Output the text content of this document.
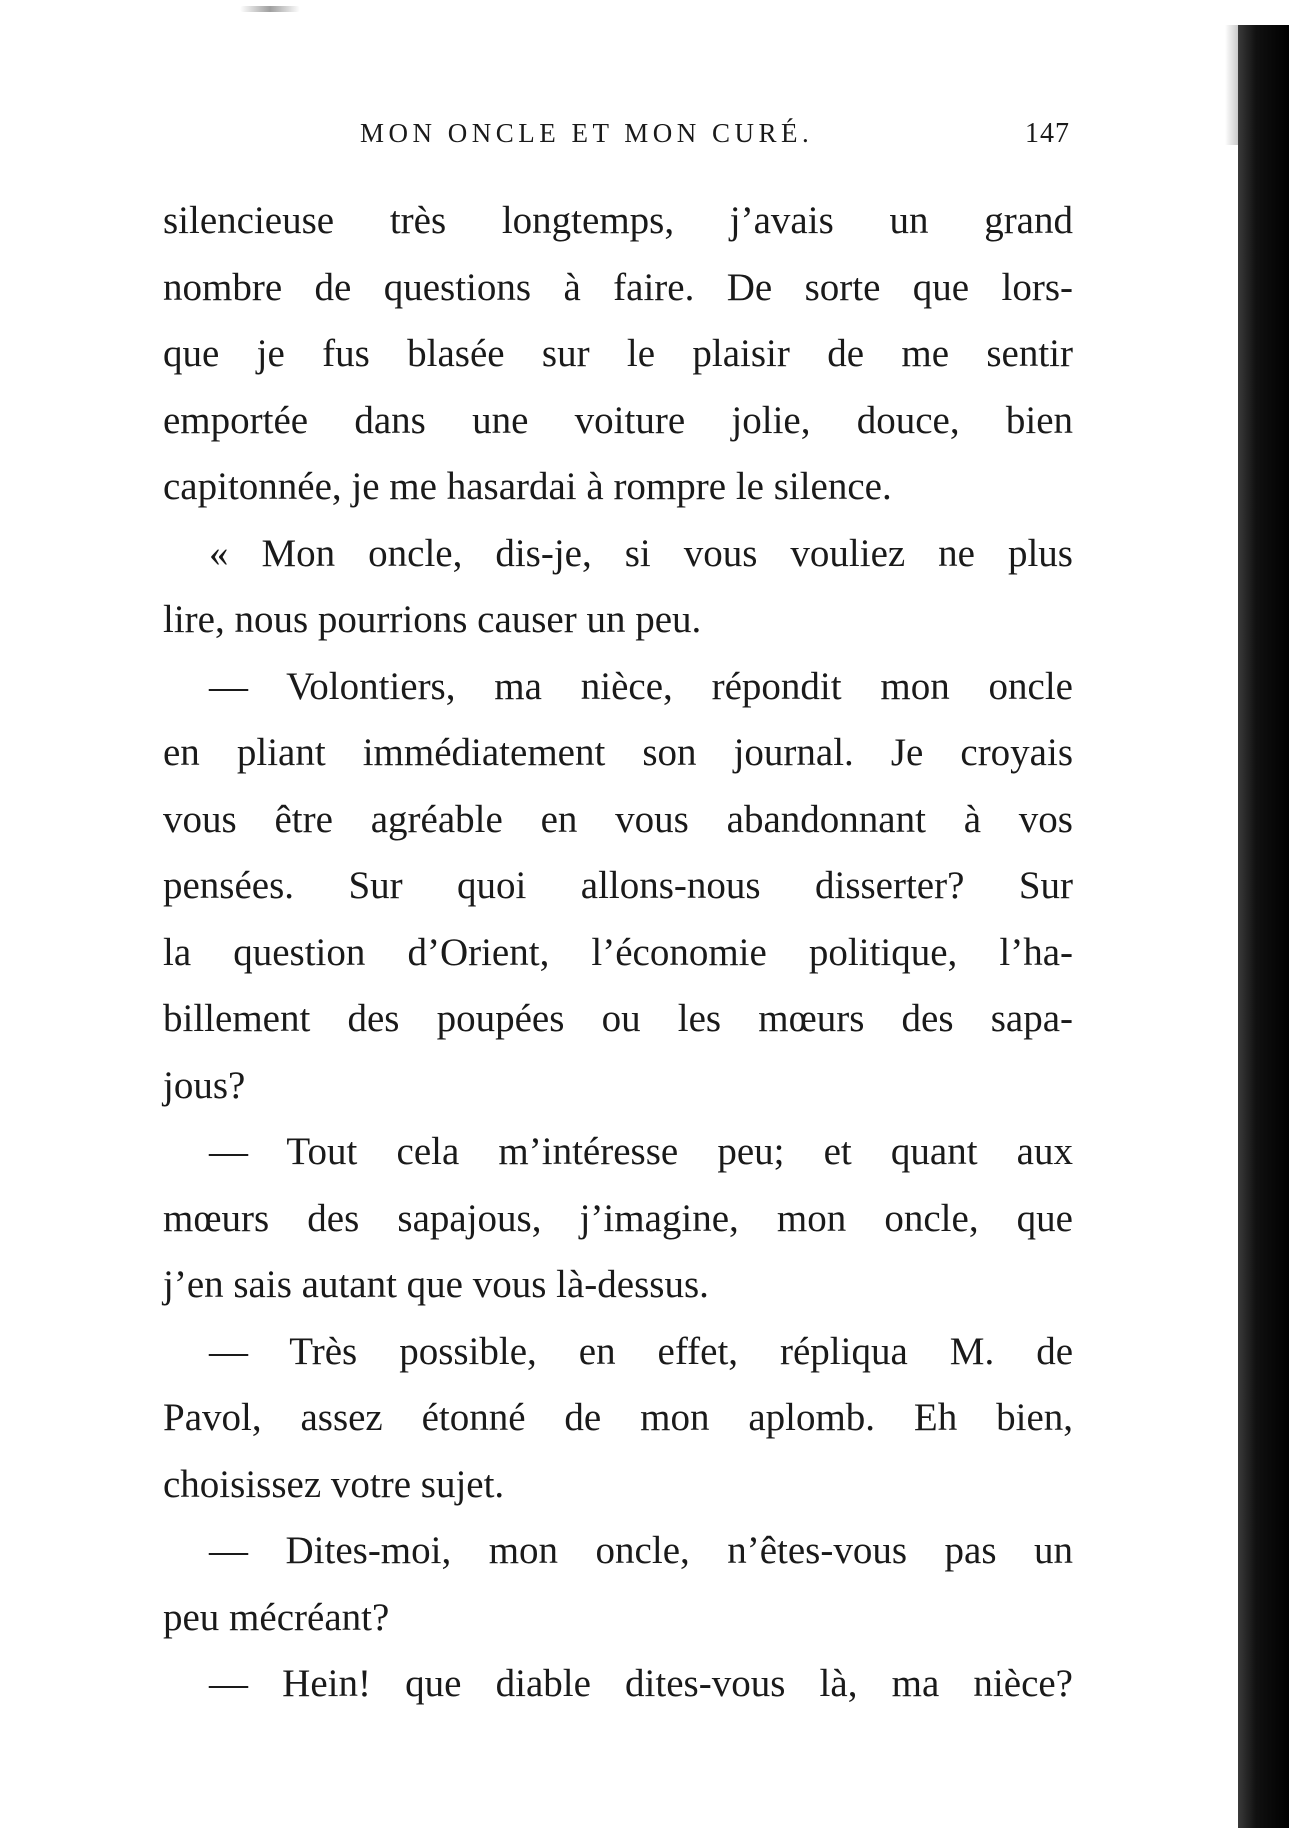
MON ONCLE ET MON CURÉ.	147
silencieuse très longtemps, j’avais un grand
nombre de questions à faire. De sorte que lors-
que je fus blasée sur le plaisir de me sentir
emportée dans une voiture jolie, douce, bien
capitonnée, je me hasardai à rompre le silence.
« Mon oncle, dis-je, si vous vouliez ne plus
lire, nous pourrions causer un peu.
— Volontiers, ma nièce, répondit mon oncle
en pliant immédiatement son journal. Je croyais
vous être agréable en vous abandonnant à vos
pensées. Sur quoi allons-nous disserter? Sur
la question d’Orient, l’économie politique, l’ha-
billement des poupées ou les mœurs des sapa-
jous?
— Tout cela m’intéresse peu; et quant aux
mœurs des sapajous, j’imagine, mon oncle, que
j’en sais autant que vous là-dessus.
— Très possible, en effet, répliqua M. de
Pavol, assez étonné de mon aplomb. Eh bien,
choisissez votre sujet.
— Dites-moi, mon oncle, n’êtes-vous pas un
peu mécréant?
— Hein! que diable dites-vous là, ma nièce?
